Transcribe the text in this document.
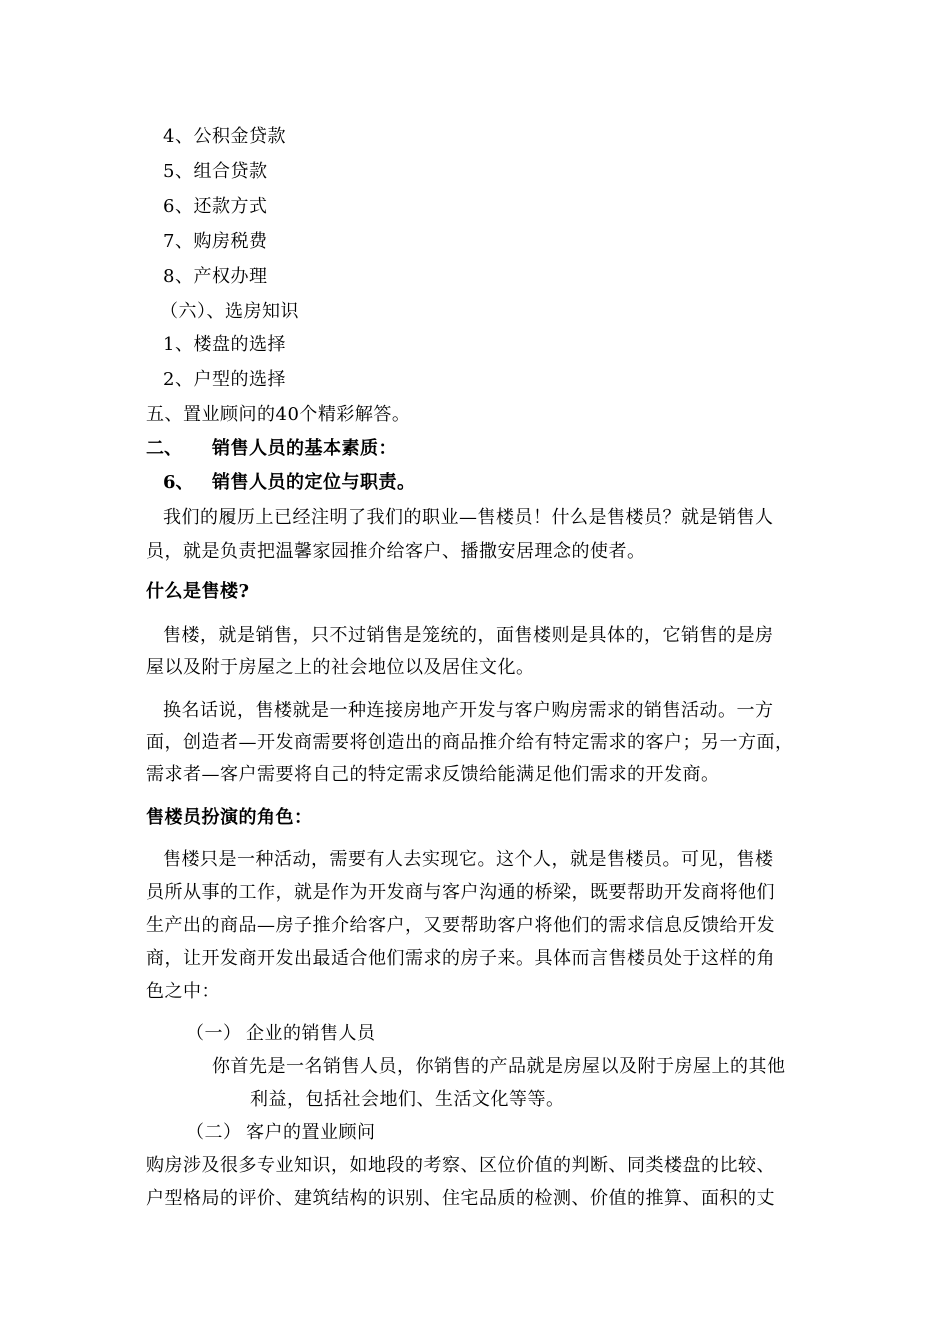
4、公积金贷款
5、组合贷款
6、还款方式
7、购房税费
8、产权办理
（六）、选房知识
1、楼盘的选择
2、户型的选择
五、置业顾问的40个精彩解答。
二、 销售人员的基本素质：
6、 销售人员的定位与职责。
我们的履历上已经注明了我们的职业—售楼员！什么是售楼员？就是销售人
员，就是负责把温馨家园推介给客户、播撒安居理念的使者。
什么是售楼?
售楼，就是销售，只不过销售是笼统的，面售楼则是具体的，它销售的是房
屋以及附于房屋之上的社会地位以及居住文化。
换名话说，售楼就是一种连接房地产开发与客户购房需求的销售活动。一方
面，创造者—开发商需要将创造出的商品推介给有特定需求的客户；另一方面，
需求者—客户需要将自己的特定需求反馈给能满足他们需求的开发商。
售楼员扮演的角色：
售楼只是一种活动，需要有人去实现它。这个人，就是售楼员。可见，售楼
员所从事的工作，就是作为开发商与客户沟通的桥梁，既要帮助开发商将他们
生产出的商品—房子推介给客户，又要帮助客户将他们的需求信息反馈给开发
商，让开发商开发出最适合他们需求的房子来。具体而言售楼员处于这样的角
色之中：
（一） 企业的销售人员
你首先是一名销售人员，你销售的产品就是房屋以及附于房屋上的其他
利益，包括社会地们、生活文化等等。
（二） 客户的置业顾问
购房涉及很多专业知识，如地段的考察、区位价值的判断、同类楼盘的比较、
户型格局的评价、建筑结构的识别、住宅品质的检测、价值的推算、面积的丈
